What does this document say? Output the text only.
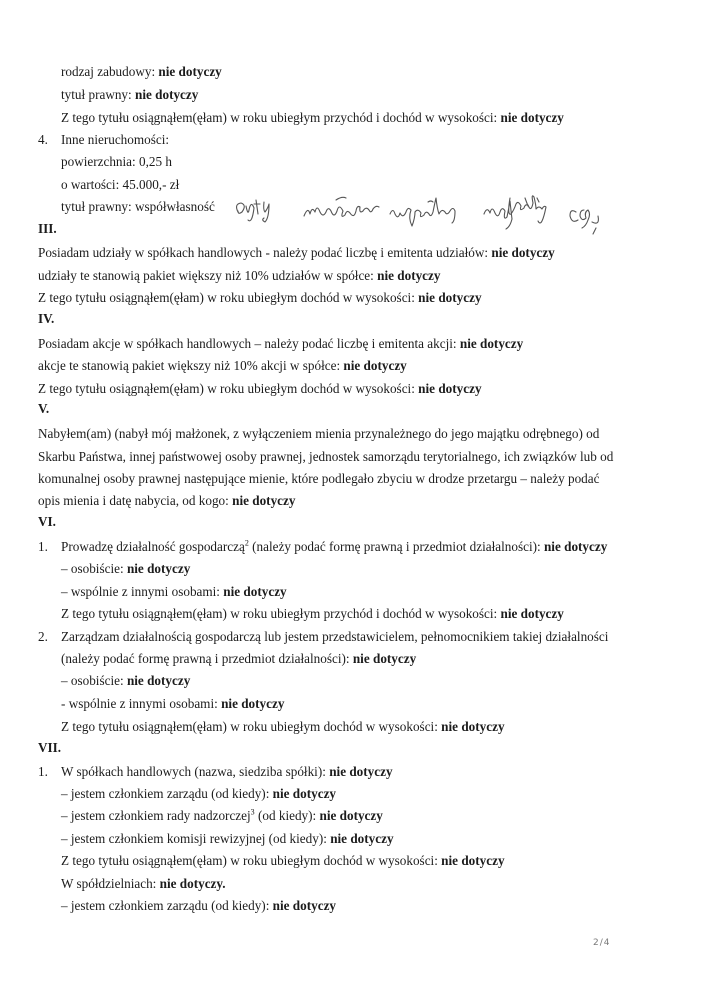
rodzaj zabudowy: nie dotyczy
tytuł prawny: nie dotyczy
Z tego tytułu osiągnąłem(ęłam) w roku ubiegłym przychód i dochód w wysokości: nie dotyczy
4. Inne nieruchomości:
powierzchnia: 0,25 h
o wartości: 45.000,- zł
tytuł prawny: współwłasność
III.
Posiadam udziały w spółkach handlowych - należy podać liczbę i emitenta udziałów: nie dotyczy
udziały te stanowią pakiet większy niż 10% udziałów w spółce: nie dotyczy
Z tego tytułu osiągnąłem(ęłam) w roku ubiegłym dochód w wysokości: nie dotyczy
IV.
Posiadam akcje w spółkach handlowych – należy podać liczbę i emitenta akcji: nie dotyczy
akcje te stanowią pakiet większy niż 10% akcji w spółce: nie dotyczy
Z tego tytułu osiągnąłem(ęłam) w roku ubiegłym dochód w wysokości: nie dotyczy
V.
Nabyłem(am) (nabył mój małżonek, z wyłączeniem mienia przynależnego do jego majątku odrębnego) od
Skarbu Państwa, innej państwowej osoby prawnej, jednostek samorządu terytorialnego, ich związków lub od
komunalnej osoby prawnej następujące mienie, które podlegało zbyciu w drodze przetargu – należy podać
opis mienia i datę nabycia, od kogo: nie dotyczy
VI.
1. Prowadzę działalność gospodarczą$^2$ (należy podać formę prawną i przedmiot działalności): nie dotyczy
– osobiście: nie dotyczy
– wspólnie z innymi osobami: nie dotyczy
Z tego tytułu osiągnąłem(ęłam) w roku ubiegłym przychód i dochód w wysokości: nie dotyczy
2. Zarządzam działalnością gospodarczą lub jestem przedstawicielem, pełnomocnikiem takiej działalności
(należy podać formę prawną i przedmiot działalności): nie dotyczy
– osobiście: nie dotyczy
- wspólnie z innymi osobami: nie dotyczy
Z tego tytułu osiągnąłem(ęłam) w roku ubiegłym dochód w wysokości: nie dotyczy
VII.
1. W spółkach handlowych (nazwa, siedziba spółki): nie dotyczy
– jestem członkiem zarządu (od kiedy): nie dotyczy
– jestem członkiem rady nadzorczej$^3$ (od kiedy): nie dotyczy
– jestem członkiem komisji rewizyjnej (od kiedy): nie dotyczy
Z tego tytułu osiągnąłem(ęłam) w roku ubiegłym dochód w wysokości: nie dotyczy
W spółdzielniach: nie dotyczy.
– jestem członkiem zarządu (od kiedy): nie dotyczy
2/4
